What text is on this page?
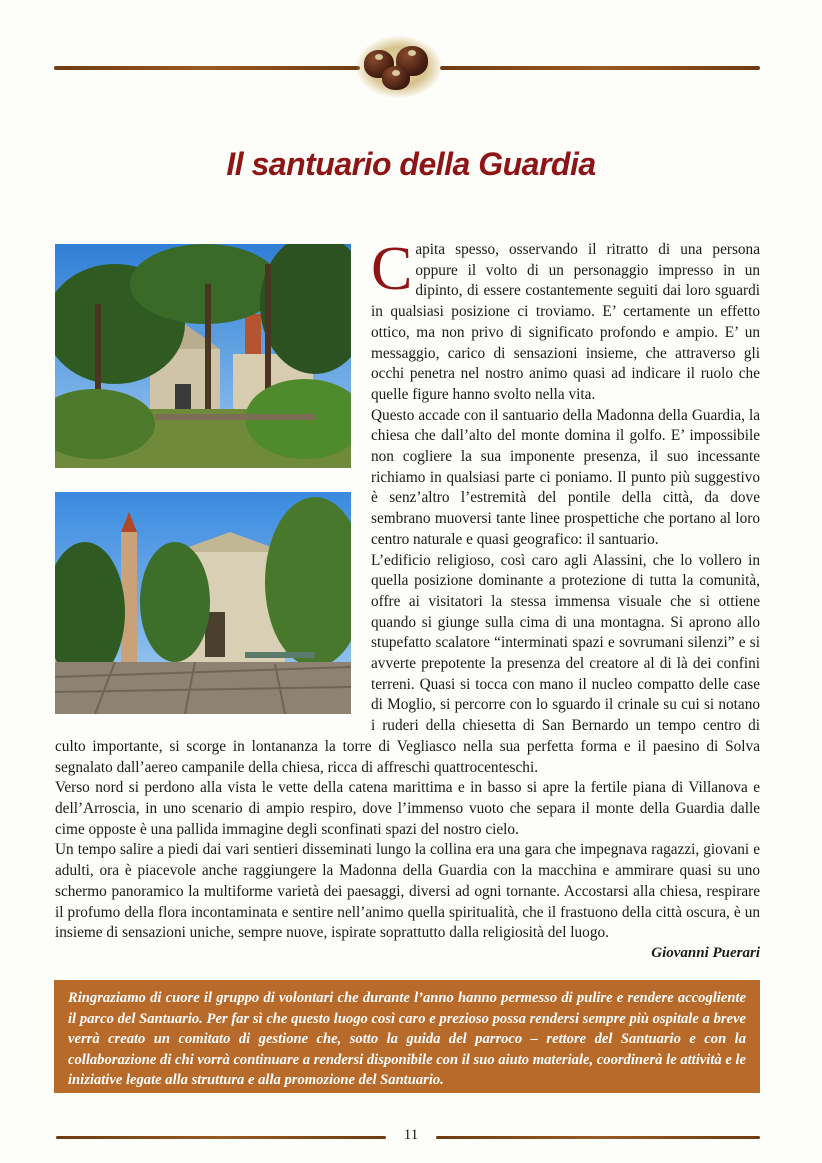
Il santuario della Guardia

Capita spesso, osservando il ritratto di una persona oppure il volto di un personaggio impresso in un dipinto, di essere costantemente seguiti dai loro sguardi in qualsiasi posizione ci troviamo. E’ certamente un effetto ottico, ma non privo di significato profondo e ampio. E’ un messaggio, carico di sensazioni insieme, che attraverso gli occhi penetra nel nostro animo quasi ad indicare il ruolo che quelle figure hanno svolto nella vita.

Questo accade con il santuario della Madonna della Guardia, la chiesa che dall’alto del monte domina il golfo. E’ impossibile non cogliere la sua imponente presenza, il suo incessante richiamo in qualsiasi parte ci poniamo. Il punto più suggestivo è senz’altro l’estremità del pontile della città, da dove sembrano muoversi tante linee prospettiche che portano al loro centro naturale e quasi geografico: il santuario.

L’edificio religioso, così caro agli Alassini, che lo vollero in quella posizione dominante a protezione di tutta la comunità, offre ai visitatori la stessa immensa visuale che si ottiene quando si giunge sulla cima di una montagna. Si aprono allo stupefatto scalatore “interminati spazi e sovrumani silenzi” e si avverte prepotente la presenza del creatore al di là dei confini terreni. Quasi si tocca con mano il nucleo compatto delle case di Moglio, si percorre con lo sguardo il crinale su cui si notano i ruderi della chiesetta di San Bernardo un tempo centro di culto importante, si scorge in lontananza la torre di Vegliasco nella sua perfetta forma e il paesino di Solva segnalato dall’aereo campanile della chiesa, ricca di affreschi quattrocenteschi.

Verso nord si perdono alla vista le vette della catena marittima e in basso si apre la fertile piana di Villanova e dell’Arroscia, in uno scenario di ampio respiro, dove l’immenso vuoto che separa il monte della Guardia dalle cime opposte è una pallida immagine degli sconfinati spazi del nostro cielo.

Un tempo salire a piedi dai vari sentieri disseminati lungo la collina era una gara che impegnava ragazzi, giovani e adulti, ora è piacevole anche raggiungere la Madonna della Guardia con la macchina e ammirare quasi su uno schermo panoramico la multiforme varietà dei paesaggi, diversi ad ogni tornante. Accostarsi alla chiesa, respirare il profumo della flora incontaminata e sentire nell’animo quella spiritualità, che il frastuono della città oscura, è un insieme di sensazioni uniche, sempre nuove, ispirate soprattutto dalla religiosità del luogo.

Giovanni Puerari
Ringraziamo di cuore il gruppo di volontari che durante l’anno hanno permesso di pulire e rendere accogliente il parco del Santuario. Per far sì che questo luogo così caro e prezioso possa rendersi sempre più ospitale a breve verrà creato un comitato di gestione che, sotto la guida del parroco – rettore del Santuario e con la collaborazione di chi vorrà continuare a rendersi disponibile con il suo aiuto materiale, coordinerà le attività e le iniziative legate alla struttura e alla promozione del Santuario.
11
